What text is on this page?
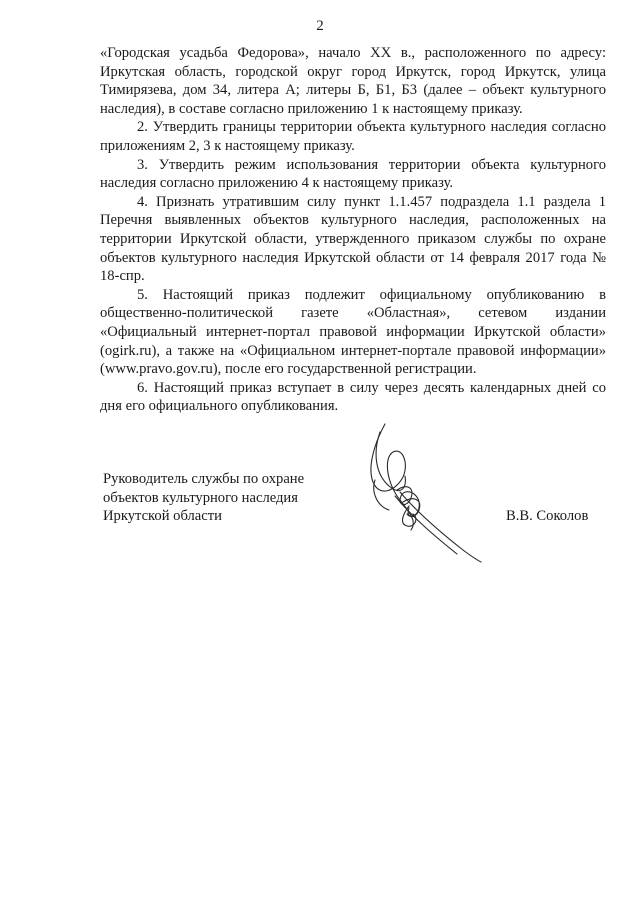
2

«Городская усадьба Федорова», начало XX в., расположенного по адресу: Иркутская область, городской округ город Иркутск, город Иркутск, улица Тимирязева, дом 34, литера А; литеры Б, Б1, Б3 (далее – объект культурного наследия), в составе согласно приложению 1 к настоящему приказу.

2. Утвердить границы территории объекта культурного наследия согласно приложениям 2, 3 к настоящему приказу.

3. Утвердить режим использования территории объекта культурного наследия согласно приложению 4 к настоящему приказу.

4. Признать утратившим силу пункт 1.1.457 подраздела 1.1 раздела 1 Перечня выявленных объектов культурного наследия, расположенных на территории Иркутской области, утвержденного приказом службы по охране объектов культурного наследия Иркутской области от 14 февраля 2017 года № 18-спр.

5. Настоящий приказ подлежит официальному опубликованию в общественно-политической газете «Областная», сетевом издании «Официальный интернет-портал правовой информации Иркутской области» (ogirk.ru), а также на «Официальном интернет-портале правовой информации» (www.pravo.gov.ru), после его государственной регистрации.

6. Настоящий приказ вступает в силу через десять календарных дней со дня его официального опубликования.

Руководитель службы по охране
объектов культурного наследия
Иркутской области	В.В. Соколов
